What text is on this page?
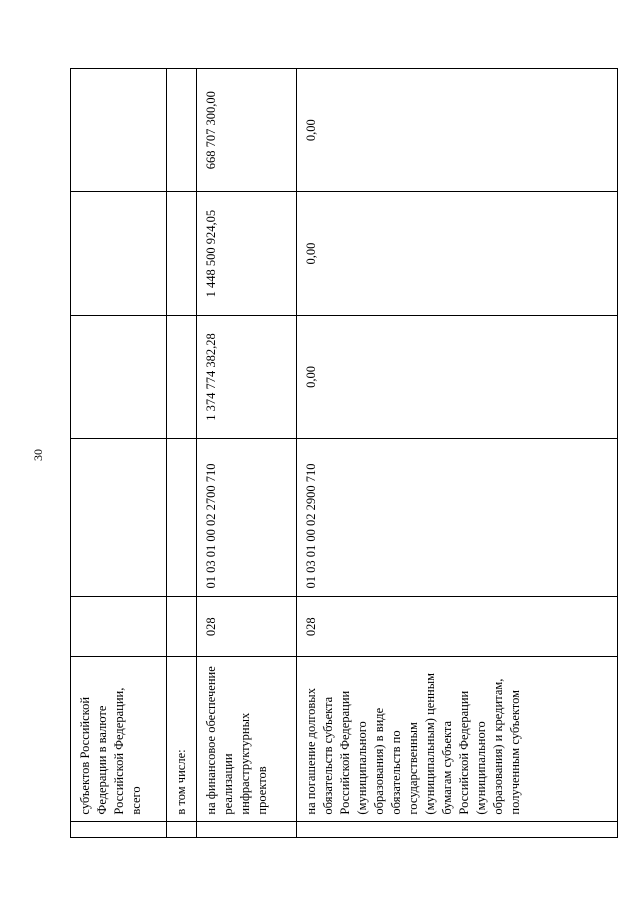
30
	субъектов Российской Федерации в валюте Российской Федерации, всего					
	в том числе:					
	на финансовое обеспечение реализации инфраструктурных проектов	028	01 03 01 00 02 2700 710	1 374 774 382,28	1 448 500 924,05	668 707 300,00
	на погашение долговых обязательств субъекта Российской Федерации (муниципального образования) в виде обязательств по государственным (муниципальным) ценным бумагам субъекта Российской Федерации (муниципального образования) и кредитам, полученным субъектом	028	01 03 01 00 02 2900 710	0,00	0,00	0,00
